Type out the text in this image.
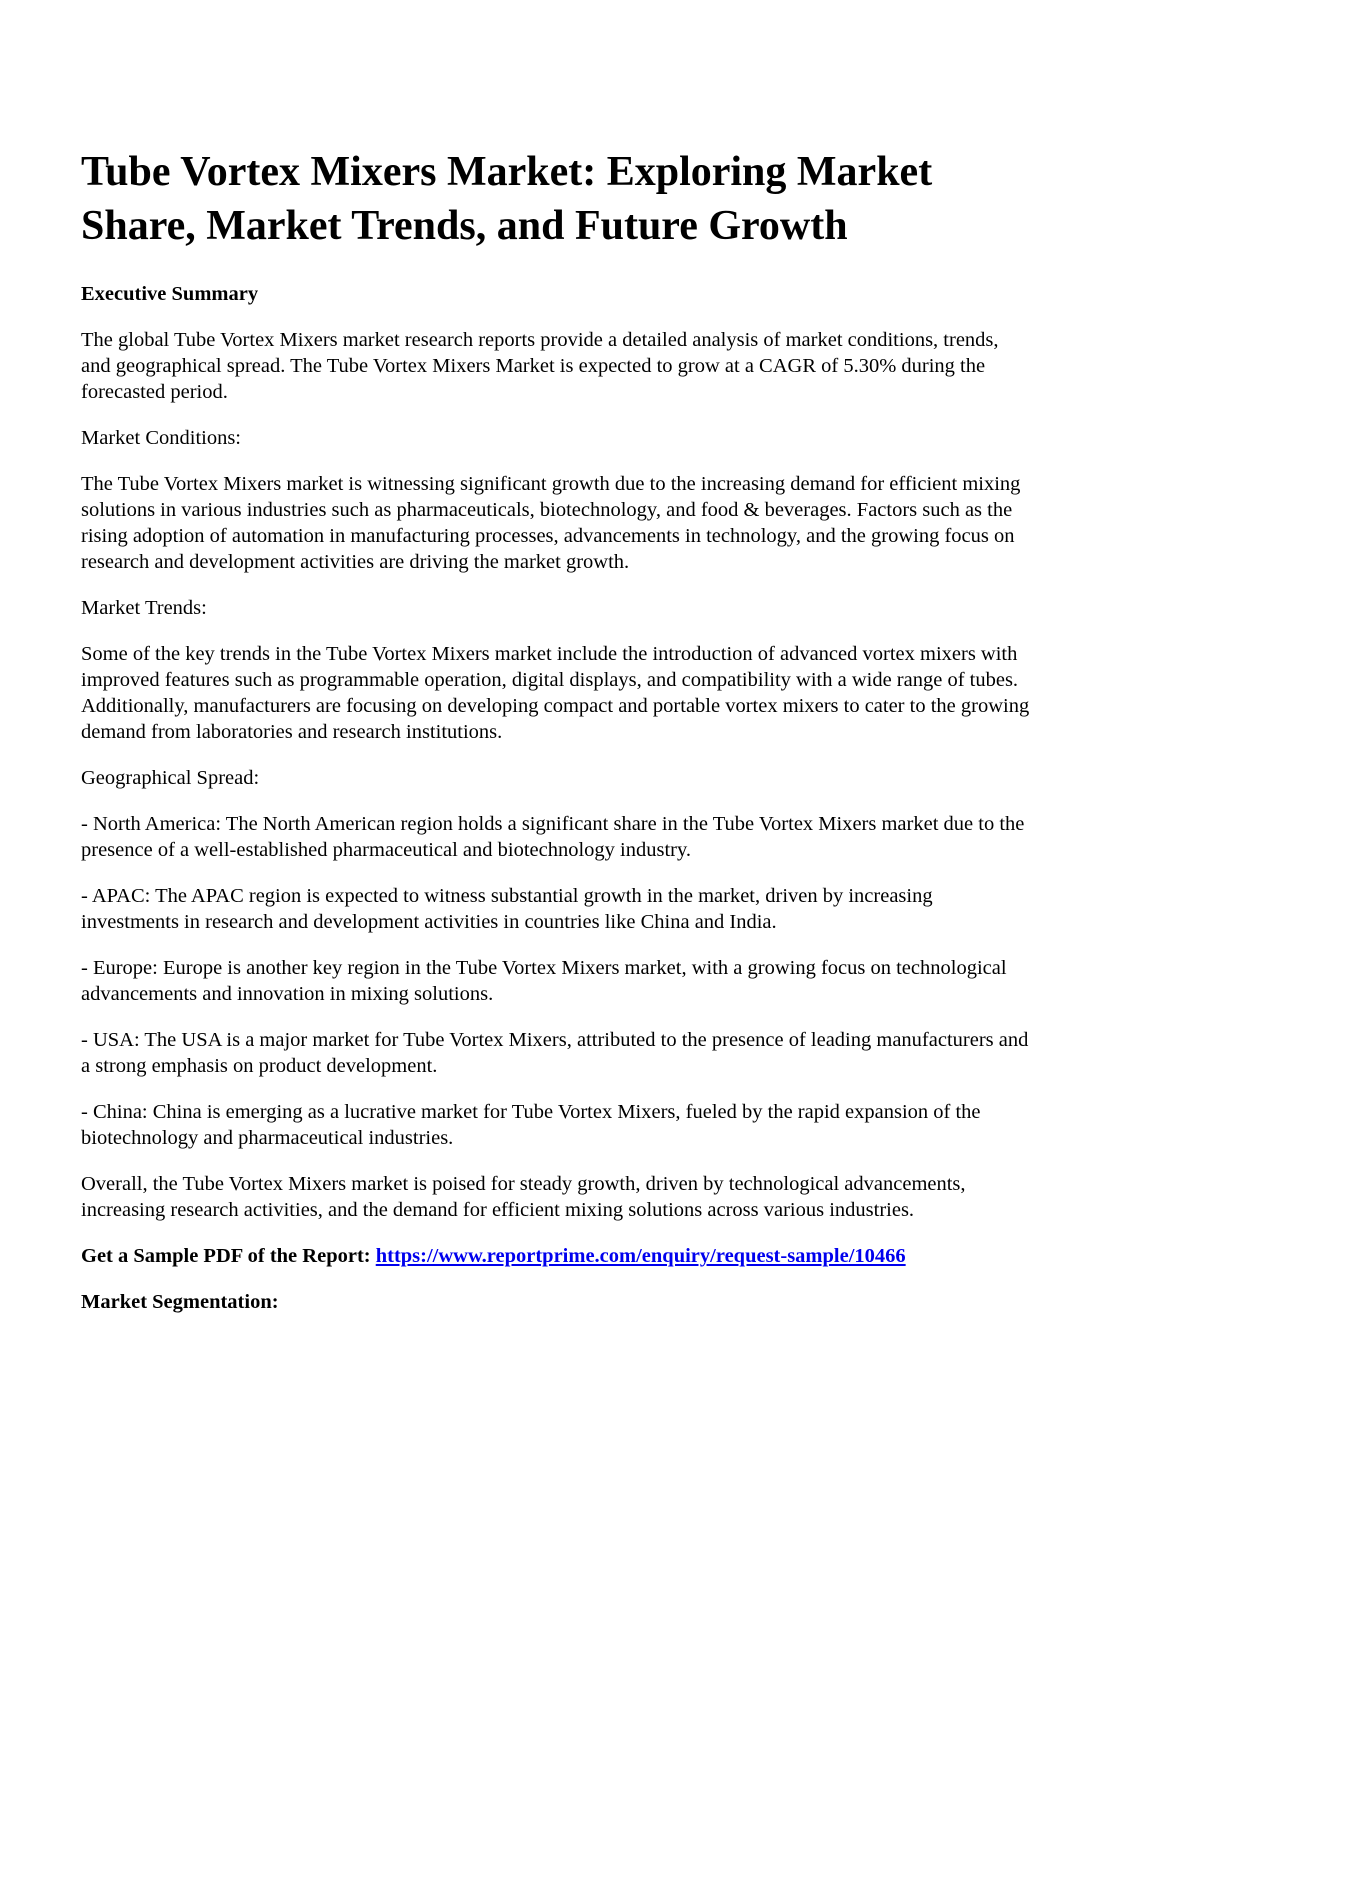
Tube Vortex Mixers Market: Exploring Market Share, Market Trends, and Future Growth

Executive Summary

The global Tube Vortex Mixers market research reports provide a detailed analysis of market conditions, trends, and geographical spread. The Tube Vortex Mixers Market is expected to grow at a CAGR of 5.30% during the forecasted period.

Market Conditions:

The Tube Vortex Mixers market is witnessing significant growth due to the increasing demand for efficient mixing solutions in various industries such as pharmaceuticals, biotechnology, and food & beverages. Factors such as the rising adoption of automation in manufacturing processes, advancements in technology, and the growing focus on research and development activities are driving the market growth.

Market Trends:

Some of the key trends in the Tube Vortex Mixers market include the introduction of advanced vortex mixers with improved features such as programmable operation, digital displays, and compatibility with a wide range of tubes. Additionally, manufacturers are focusing on developing compact and portable vortex mixers to cater to the growing demand from laboratories and research institutions.

Geographical Spread:

- North America: The North American region holds a significant share in the Tube Vortex Mixers market due to the presence of a well-established pharmaceutical and biotechnology industry.

- APAC: The APAC region is expected to witness substantial growth in the market, driven by increasing investments in research and development activities in countries like China and India.

- Europe: Europe is another key region in the Tube Vortex Mixers market, with a growing focus on technological advancements and innovation in mixing solutions.

- USA: The USA is a major market for Tube Vortex Mixers, attributed to the presence of leading manufacturers and a strong emphasis on product development.

- China: China is emerging as a lucrative market for Tube Vortex Mixers, fueled by the rapid expansion of the biotechnology and pharmaceutical industries.

Overall, the Tube Vortex Mixers market is poised for steady growth, driven by technological advancements, increasing research activities, and the demand for efficient mixing solutions across various industries.

Get a Sample PDF of the Report: https://www.reportprime.com/enquiry/request-sample/10466

Market Segmentation:
